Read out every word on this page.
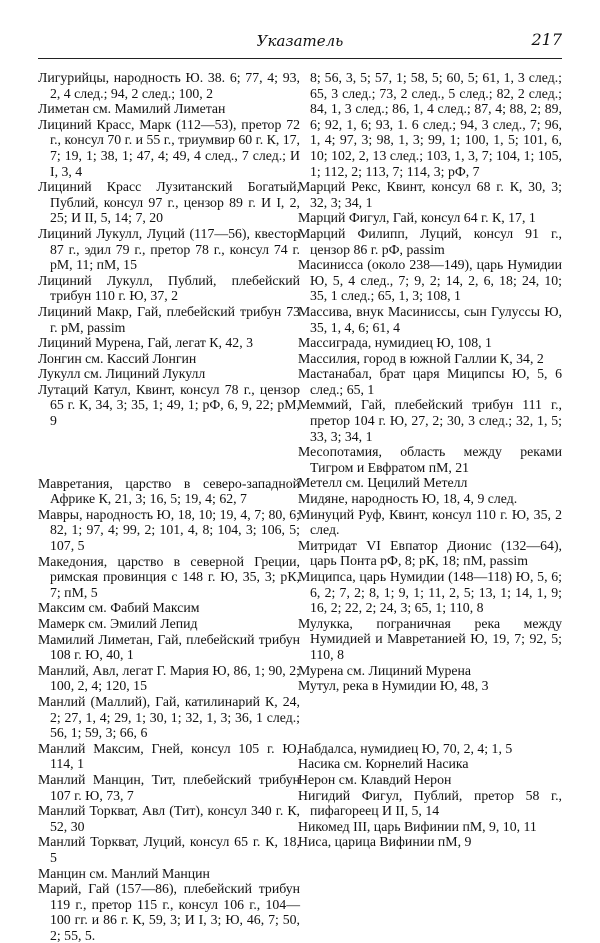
Указатель	217

Лигурийцы, народность Ю. 38. 6; 77, 4; 93, 2, 4 след.; 94, 2 след.; 100, 2

Лиметан см. Мамилий Лиметан

Лициний Красс, Марк (112—53), претор 72 г., консул 70 г. и 55 г., триумвир 60 г. К, 17, 7; 19, 1; 38, 1; 47, 4; 49, 4 след., 7 след.; И I, 3, 4

Лициний Красс Лузитанский Богатый, Публий, консул 97 г., цензор 89 г. И I, 2, 25; И II, 5, 14; 7, 20

Лициний Лукулл, Луций (117—56), квестор 87 г., эдил 79 г., претор 78 г., консул 74 г. рМ, 11; пМ, 15

Лициний Лукулл, Публий, плебейский трибун 110 г. Ю, 37, 2

Лициний Макр, Гай, плебейский трибун 73 г. рМ, passim

Лициний Мурена, Гай, легат К, 42, 3

Лонгин см. Кассий Лонгин

Лукулл см. Лициний Лукулл

Лутаций Катул, Квинт, консул 78 г., цензор 65 г. К, 34, 3; 35, 1; 49, 1; рФ, 6, 9, 22; рМ, 9

Мавретания, царство в северо-западной Африке К, 21, 3; 16, 5; 19, 4; 62, 7

Мавры, народность Ю, 18, 10; 19, 4, 7; 80, 6; 82, 1; 97, 4; 99, 2; 101, 4, 8; 104, 3; 106, 5; 107, 5

Македония, царство в северной Греции, римская провинция с 148 г. Ю, 35, 3; рК, 7; пМ, 5

Максим см. Фабий Максим

Мамерк см. Эмилий Лепид

Мамилий Лиметан, Гай, плебейский трибун 108 г. Ю, 40, 1

Манлий, Авл, легат Г. Мария Ю, 86, 1; 90, 2; 100, 2, 4; 120, 15

Манлий (Маллий), Гай, катилинарий К, 24, 2; 27, 1, 4; 29, 1; 30, 1; 32, 1, 3; 36, 1 след.; 56, 1; 59, 3; 66, 6

Манлий Максим, Гней, консул 105 г. Ю, 114, 1

Манлий Манцин, Тит, плебейский трибун 107 г. Ю, 73, 7

Манлий Торкват, Авл (Тит), консул 340 г. К, 52, 30

Манлий Торкват, Луций, консул 65 г. К, 18, 5

Манцин см. Манлий Манцин

Марий, Гай (157—86), плебейский трибун 119 г., претор 115 г., консул 106 г., 104—100 гг. и 86 г. К, 59, 3; И I, 3; Ю, 46, 7; 50, 2; 55, 5.

8; 56, 3, 5; 57, 1; 58, 5; 60, 5; 61, 1, 3 след.; 65, 3 след.; 73, 2 след., 5 след.; 82, 2 след.; 84, 1, 3 след.; 86, 1, 4 след.; 87, 4; 88, 2; 89, 6; 92, 1, 6; 93, 1. 6 след.; 94, 3 след., 7; 96, 1, 4; 97, 3; 98, 1, 3; 99, 1; 100, 1, 5; 101, 6, 10; 102, 2, 13 след.; 103, 1, 3, 7; 104, 1; 105, 1; 112, 2; 113, 7; 114, 3; рФ, 7

Марций Рекс, Квинт, консул 68 г. К, 30, 3; 32, 3; 34, 1

Марций Фигул, Гай, консул 64 г. К, 17, 1

Марций Филипп, Луций, консул 91 г., цензор 86 г. рФ, passim

Масинисса (около 238—149), царь Нумидии Ю, 5, 4 след., 7; 9, 2; 14, 2, 6, 18; 24, 10; 35, 1 след.; 65, 1, 3; 108, 1

Массива, внук Масиниссы, сын Гулуссы Ю, 35, 1, 4, 6; 61, 4

Массиграда, нумидиец Ю, 108, 1

Массилия, город в южной Галлии К, 34, 2

Мастанабал, брат царя Миципсы Ю, 5, 6 след.; 65, 1

Меммий, Гай, плебейский трибун 111 г., претор 104 г. Ю, 27, 2; 30, 3 след.; 32, 1, 5; 33, 3; 34, 1

Месопотамия, область между реками Тигром и Евфратом пМ, 21

Метелл см. Цецилий Метелл

Мидяне, народность Ю, 18, 4, 9 след.

Минуций Руф, Квинт, консул 110 г. Ю, 35, 2 след.

Митридат VI Евпатор Дионис (132—64), царь Понта рФ, 8; рК, 18; пМ, passim

Миципса, царь Нумидии (148—118) Ю, 5, 6; 6, 2; 7, 2; 8, 1; 9, 1; 11, 2, 5; 13, 1; 14, 1, 9; 16, 2; 22, 2; 24, 3; 65, 1; 110, 8

Мулукка, пограничная река между Нумидией и Мавретанией Ю, 19, 7; 92, 5; 110, 8

Мурена см. Лициний Мурена

Мутул, река в Нумидии Ю, 48, 3

Набдалса, нумидиец Ю, 70, 2, 4; 1, 5

Насика см. Корнелий Насика

Нерон см. Клавдий Нерон

Нигидий Фигул, Публий, претор 58 г., пифагореец И II, 5, 14

Никомед III, царь Вифинии пМ, 9, 10, 11

Ниса, царица Вифинии пМ, 9
